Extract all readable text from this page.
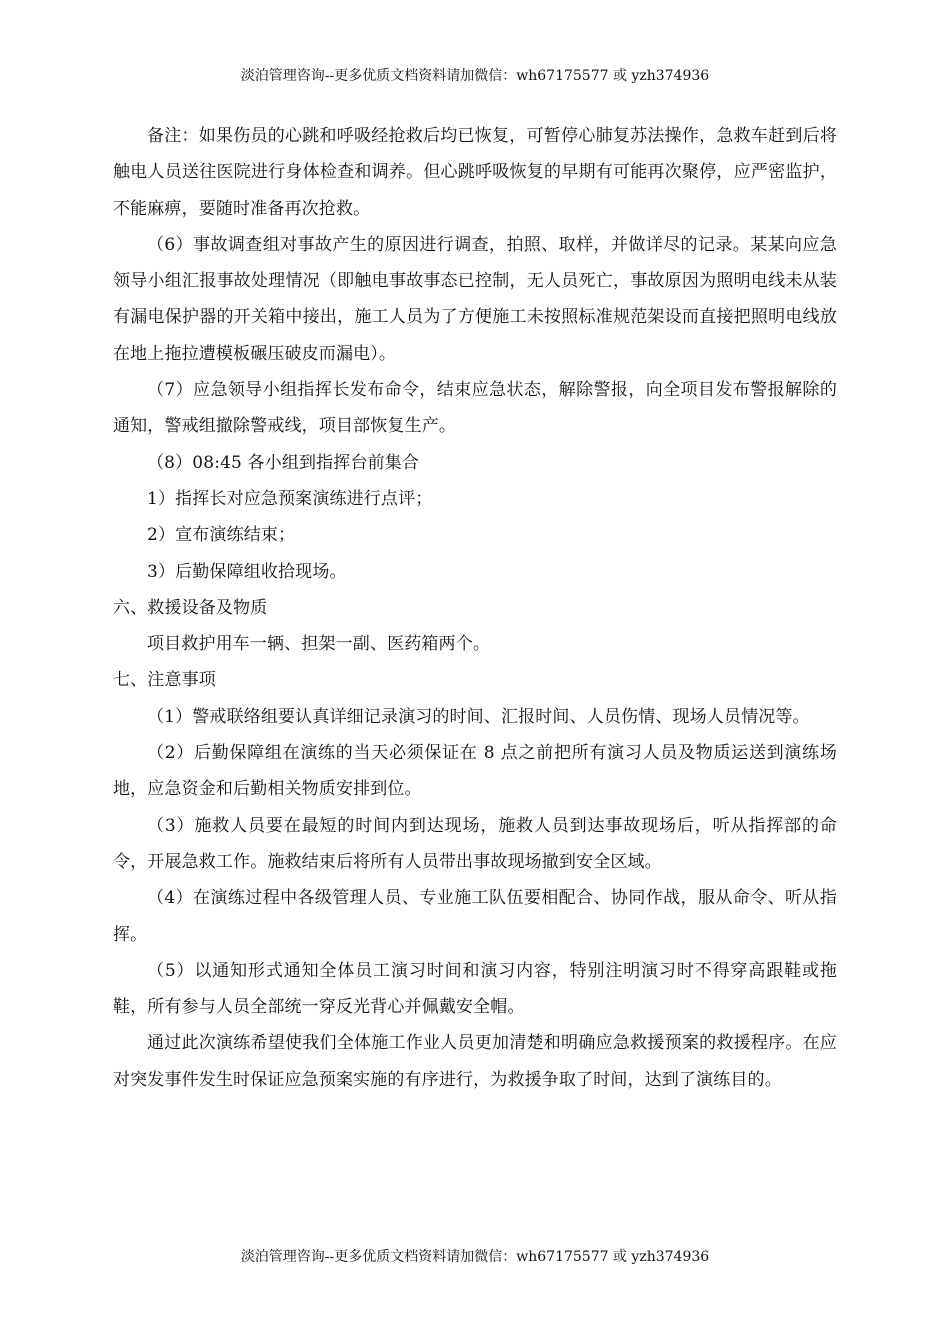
淡泊管理咨询--更多优质文档资料请加微信：wh67175577 或 yzh374936

备注：如果伤员的心跳和呼吸经抢救后均已恢复，可暂停心肺复苏法操作，急救车赶到后将触电人员送往医院进行身体检查和调养。但心跳呼吸恢复的早期有可能再次聚停，应严密监护，不能麻痹，要随时准备再次抢救。

（6）事故调查组对事故产生的原因进行调查，拍照、取样，并做详尽的记录。某某向应急领导小组汇报事故处理情况（即触电事故事态已控制，无人员死亡，事故原因为照明电线未从装有漏电保护器的开关箱中接出，施工人员为了方便施工未按照标准规范架设而直接把照明电线放在地上拖拉遭模板碾压破皮而漏电）。

（7）应急领导小组指挥长发布命令，结束应急状态，解除警报，向全项目发布警报解除的通知，警戒组撤除警戒线，项目部恢复生产。

（8）08:45 各小组到指挥台前集合

1）指挥长对应急预案演练进行点评；

2）宣布演练结束；

3）后勤保障组收拾现场。

六、救援设备及物质

项目救护用车一辆、担架一副、医药箱两个。

七、注意事项

（1）警戒联络组要认真详细记录演习的时间、汇报时间、人员伤情、现场人员情况等。

（2）后勤保障组在演练的当天必须保证在 8 点之前把所有演习人员及物质运送到演练场地，应急资金和后勤相关物质安排到位。

（3）施救人员要在最短的时间内到达现场，施救人员到达事故现场后，听从指挥部的命令，开展急救工作。施救结束后将所有人员带出事故现场撤到安全区域。

（4）在演练过程中各级管理人员、专业施工队伍要相配合、协同作战，服从命令、听从指挥。

（5）以通知形式通知全体员工演习时间和演习内容，特别注明演习时不得穿高跟鞋或拖鞋，所有参与人员全部统一穿反光背心并佩戴安全帽。

通过此次演练希望使我们全体施工作业人员更加清楚和明确应急救援预案的救援程序。在应对突发事件发生时保证应急预案实施的有序进行，为救援争取了时间，达到了演练目的。

淡泊管理咨询--更多优质文档资料请加微信：wh67175577 或 yzh374936
